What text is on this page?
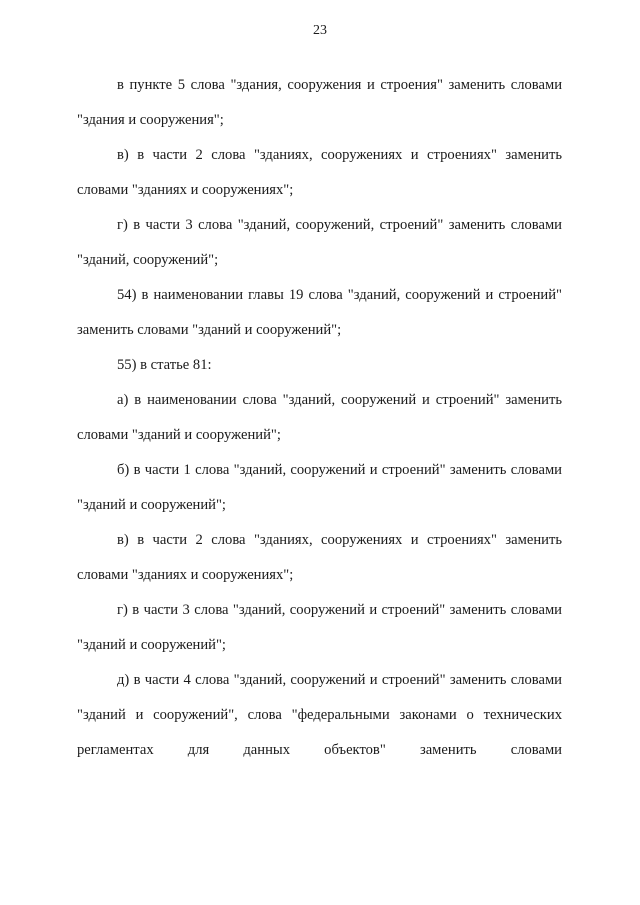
23

в пункте 5 слова "здания, сооружения и строения" заменить словами "здания и сооружения";

в) в части 2 слова "зданиях, сооружениях и строениях" заменить словами "зданиях и сооружениях";

г) в части 3 слова "зданий, сооружений, строений" заменить словами "зданий, сооружений";

54) в наименовании главы 19 слова "зданий, сооружений и строений" заменить словами "зданий и сооружений";

55) в статье 81:

а) в наименовании слова "зданий, сооружений и строений" заменить словами "зданий и сооружений";

б) в части 1 слова "зданий, сооружений и строений" заменить словами "зданий и сооружений";

в) в части 2 слова "зданиях, сооружениях и строениях" заменить словами "зданиях и сооружениях";

г) в части 3 слова "зданий, сооружений и строений" заменить словами "зданий и сооружений";

д) в части 4 слова "зданий, сооружений и строений" заменить словами "зданий и сооружений", слова "федеральными законами о технических регламентах для данных объектов" заменить словами
